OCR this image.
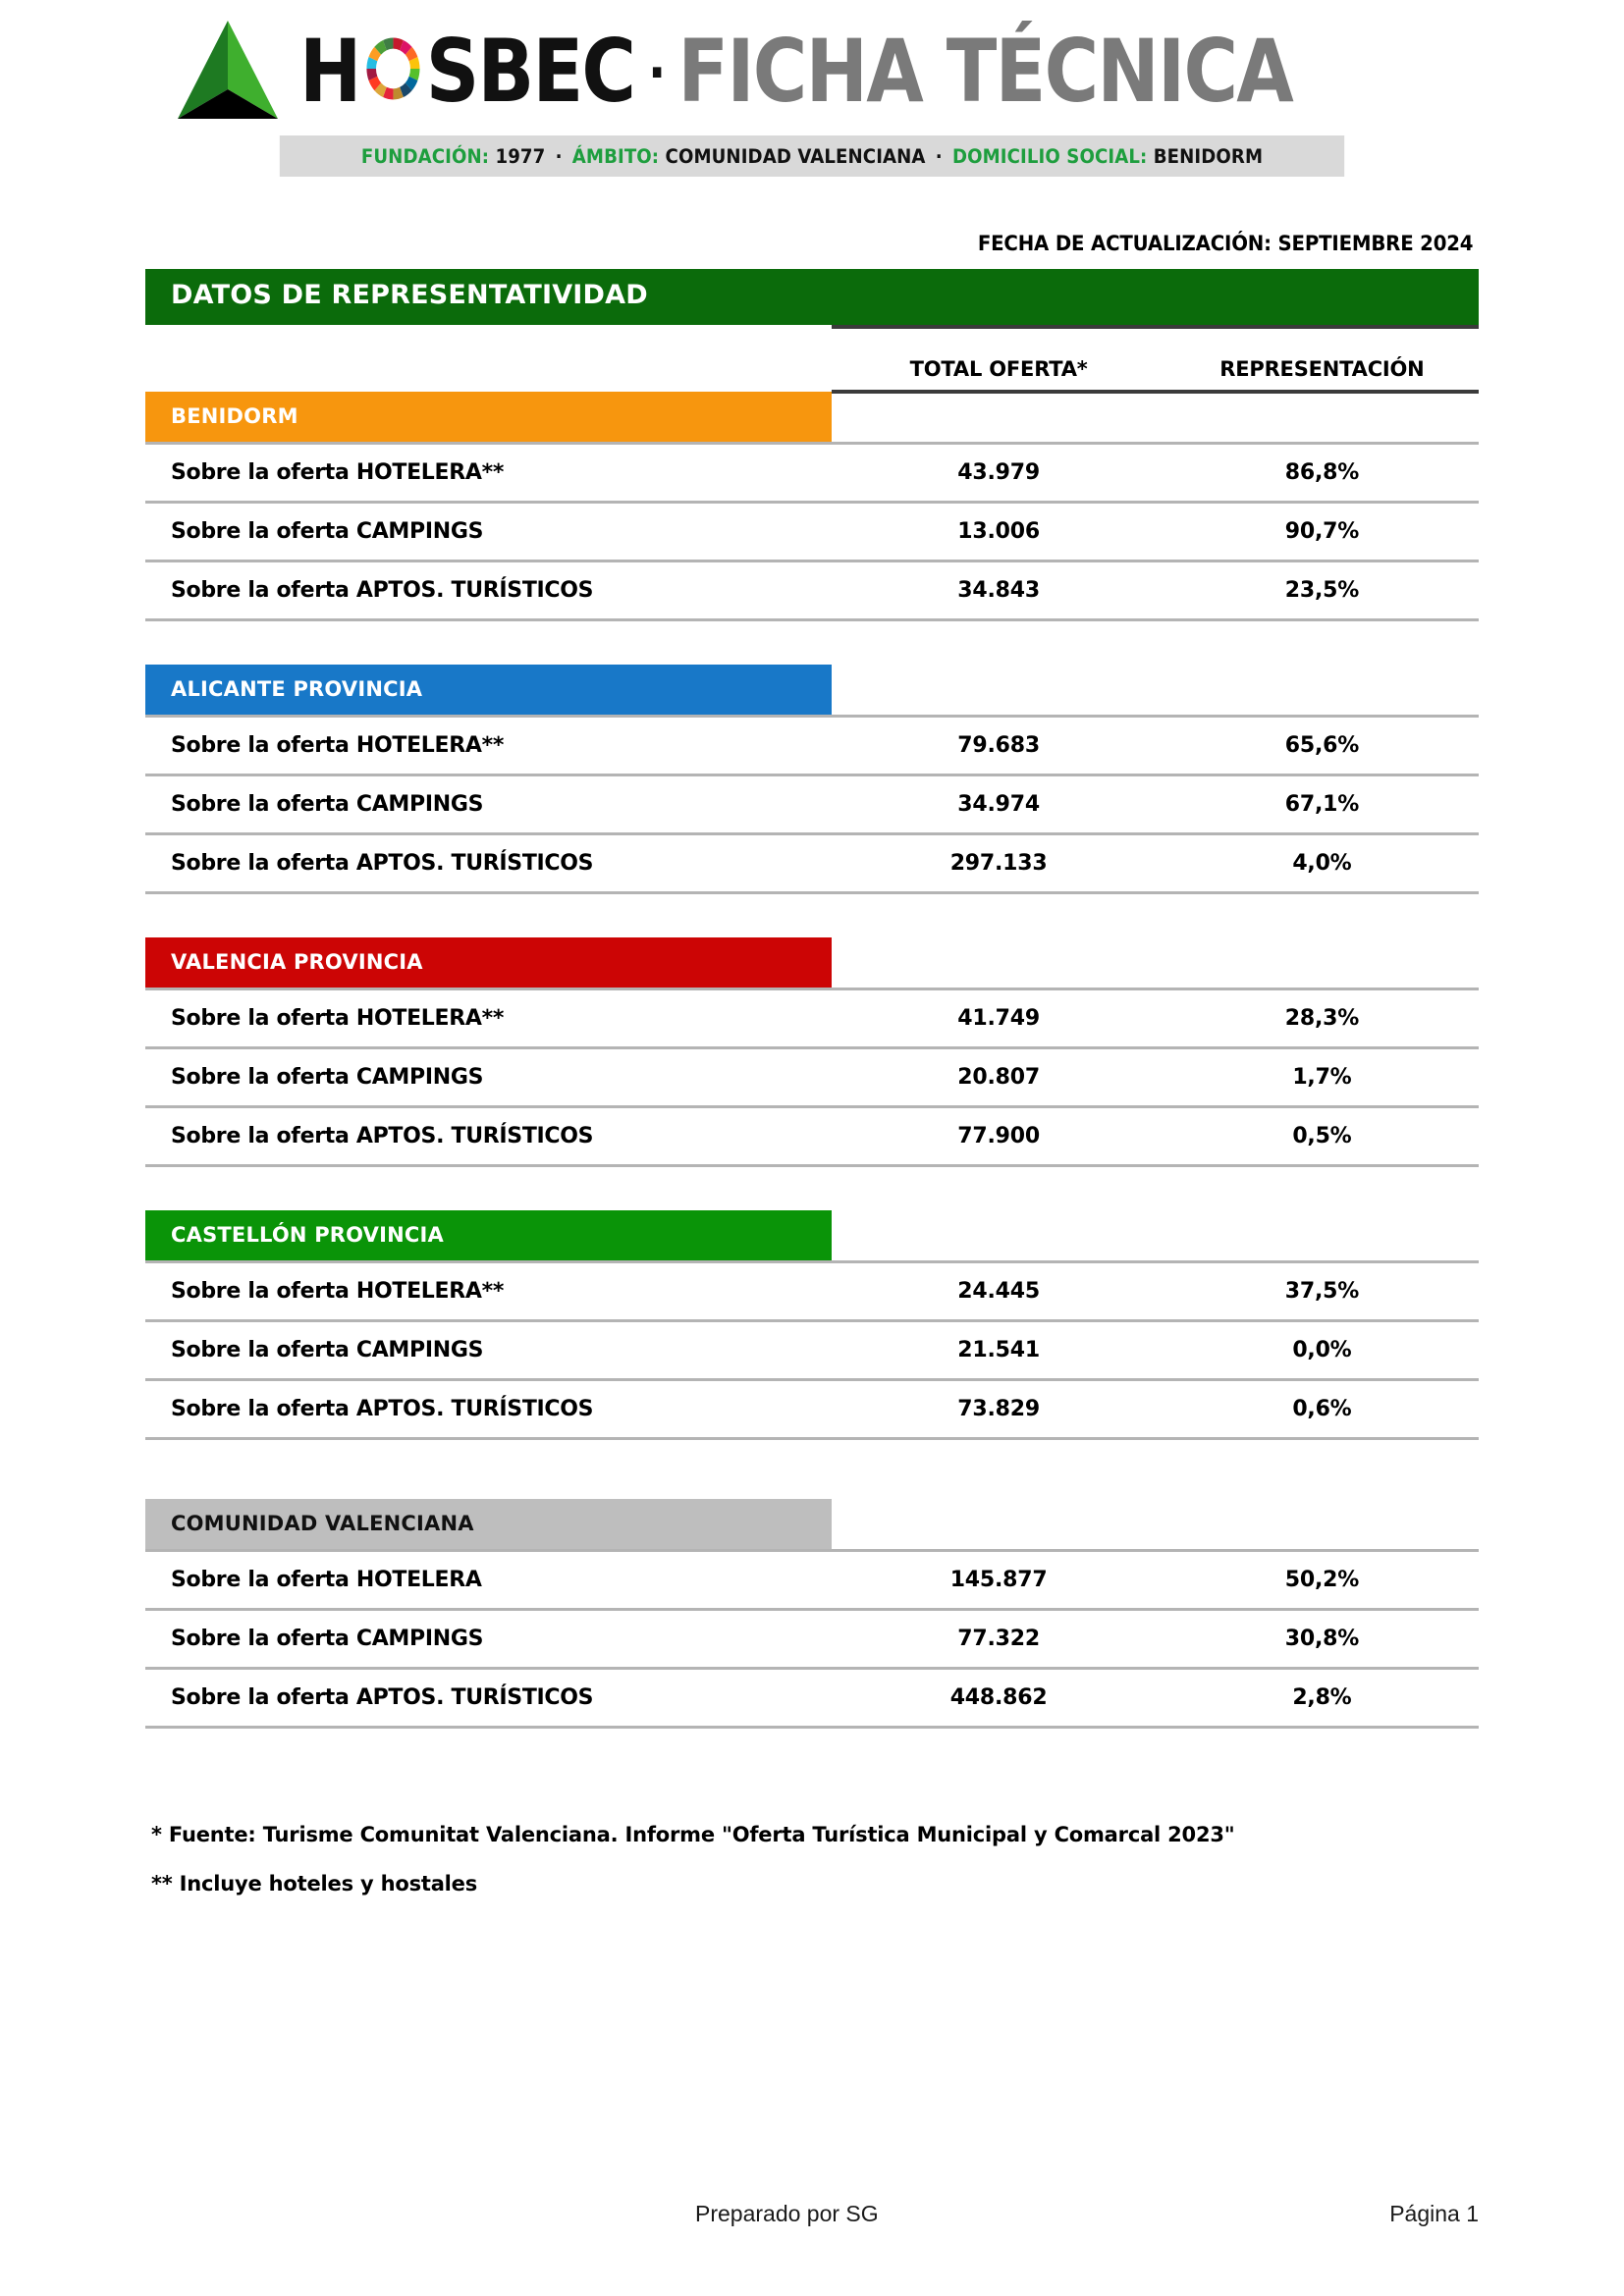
H SBEC · FICHA TÉCNICA
FUNDACIÓN:
1977 · ÁMBITO:
COMUNIDAD VALENCIANA · DOMICILIO SOCIAL:
BENIDORM
FECHA DE ACTUALIZACIÓN: SEPTIEMBRE 2024
DATOS DE REPRESENTATIVIDAD
	TOTAL OFERTA*	REPRESENTACIÓN
BENIDORM		
Sobre la oferta HOTELERA**	43.979	86,8%
Sobre la oferta CAMPINGS	13.006	90,7%
Sobre la oferta APTOS. TURÍSTICOS	34.843	23,5%

ALICANTE PROVINCIA		
Sobre la oferta HOTELERA**	79.683	65,6%
Sobre la oferta CAMPINGS	34.974	67,1%
Sobre la oferta APTOS. TURÍSTICOS	297.133	4,0%

VALENCIA PROVINCIA		
Sobre la oferta HOTELERA**	41.749	28,3%
Sobre la oferta CAMPINGS	20.807	1,7%
Sobre la oferta APTOS. TURÍSTICOS	77.900	0,5%

CASTELLÓN PROVINCIA		
Sobre la oferta HOTELERA**	24.445	37,5%
Sobre la oferta CAMPINGS	21.541	0,0%
Sobre la oferta APTOS. TURÍSTICOS	73.829	0,6%

COMUNIDAD VALENCIANA		
Sobre la oferta HOTELERA	145.877	50,2%
Sobre la oferta CAMPINGS	77.322	30,8%
Sobre la oferta APTOS. TURÍSTICOS	448.862	2,8%

* Fuente: Turisme Comunitat Valenciana. Informe "Oferta Turística Municipal y Comarcal 2023"

** Incluye hoteles y hostales

Preparado por SG	Página 1
